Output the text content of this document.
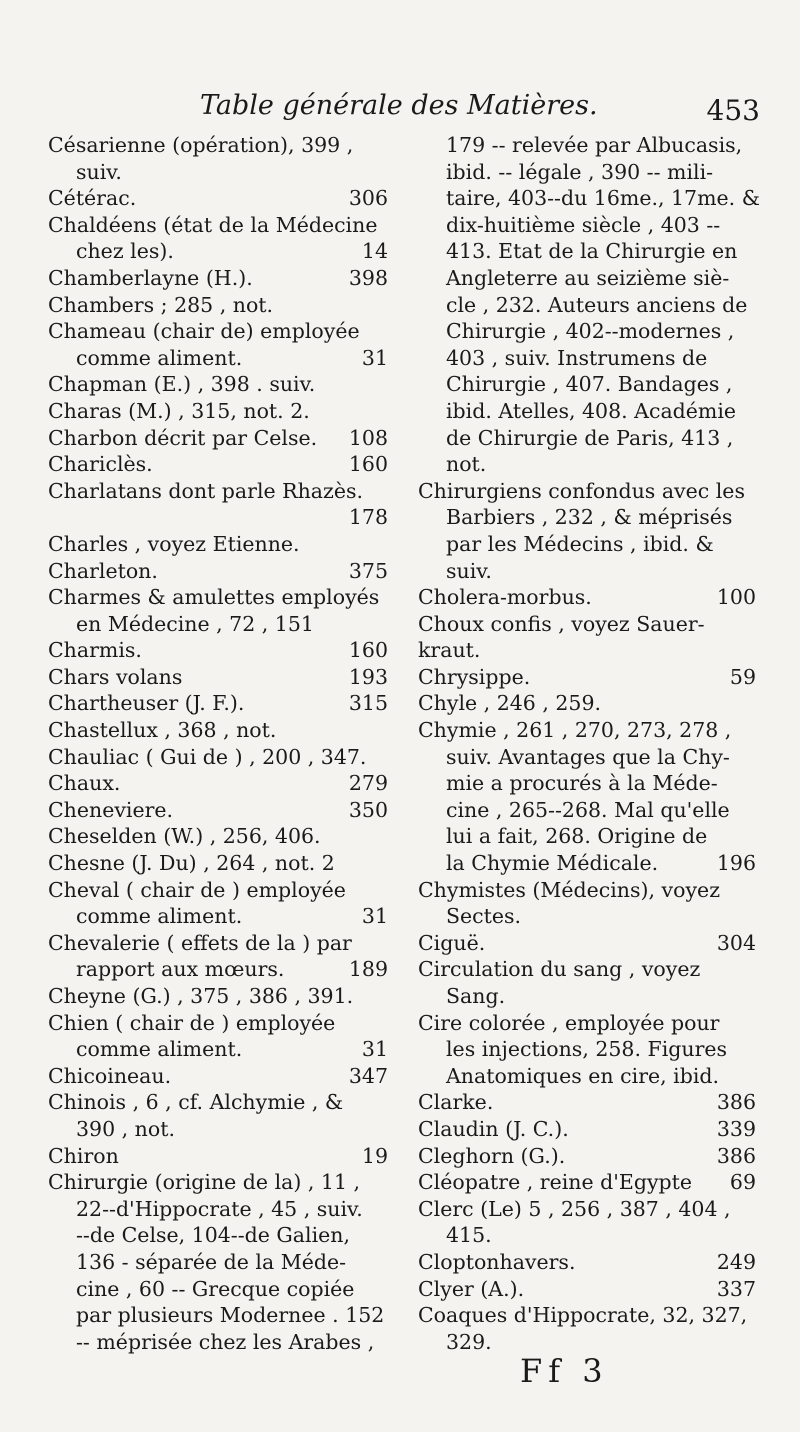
Table générale des Matières.	453
Césarienne (opération), 399 ,
suiv.
Cétérac.	306
Chaldéens (état de la Médecine
chez les).	14
Chamberlayne (H.).	398
Chambers ; 285 , not.
Chameau (chair de) employée
comme aliment.	31
Chapman (E.) , 398 . suiv.
Charas (M.) , 315, not. 2.
Charbon décrit par Celse. 108
Chariclès.	160
Charlatans dont parle Rhazès.
178
Charles , voyez Etienne.
Charleton.	375
Charmes & amulettes employés
en Médecine , 72 , 151
Charmis.	160
Chars volans	193
Chartheuser (J. F.).	315
Chastellux , 368 , not.
Chauliac ( Gui de ) , 200 , 347.
Chaux.	279
Cheneviere.	350
Cheselden (W.) , 256, 406.
Chesne (J. Du) , 264 , not. 2
Cheval ( chair de ) employée
comme aliment.	31
Chevalerie ( effets de la ) par
rapport aux mœurs.	189
Cheyne (G.) , 375 , 386 , 391.
Chien ( chair de ) employée
comme aliment.	31
Chicoineau.	347
Chinois , 6 , cf. Alchymie , &
390 , not.
Chiron	19
Chirurgie (origine de la) , 11 ,
22--d'Hippocrate , 45 , suiv.
--de Celse, 104--de Galien,
136 - séparée de la Méde-
cine , 60 -- Grecque copiée
par plusieurs Modernee . 152
-- méprisée chez les Arabes ,
179 -- relevée par Albucasis,
ibid. -- légale , 390 -- mili-
taire, 403--du 16me., 17me. &
dix-huitième siècle , 403 --
413. Etat de la Chirurgie en
Angleterre au seizième siè-
cle , 232. Auteurs anciens de
Chirurgie , 402--modernes ,
403 , suiv. Instrumens de
Chirurgie , 407. Bandages ,
ibid. Atelles, 408. Académie
de Chirurgie de Paris, 413 ,
not.
Chirurgiens confondus avec les
Barbiers , 232 , & méprisés
par les Médecins , ibid. &
suiv.
Cholera-morbus.	100
Choux confis , voyez Sauer-
kraut.
Chrysippe.	59
Chyle , 246 , 259.
Chymie , 261 , 270, 273, 278 ,
suiv. Avantages que la Chy-
mie a procurés à la Méde-
cine , 265--268. Mal qu'elle
lui a fait, 268. Origine de
la Chymie Médicale.	196
Chymistes (Médecins), voyez
Sectes.
Ciguë.	304
Circulation du sang , voyez
Sang.
Cire colorée , employée pour
les injections, 258. Figures
Anatomiques en cire, ibid.
Clarke.	386
Claudin (J. C.).	339
Cleghorn (G.).	386
Cléopatre , reine d'Egypte 69
Clerc (Le) 5 , 256 , 387 , 404 ,
415.
Cloptonhavers.	249
Clyer (A.).	337
Coaques d'Hippocrate, 32, 327,
329.
Ff 3
